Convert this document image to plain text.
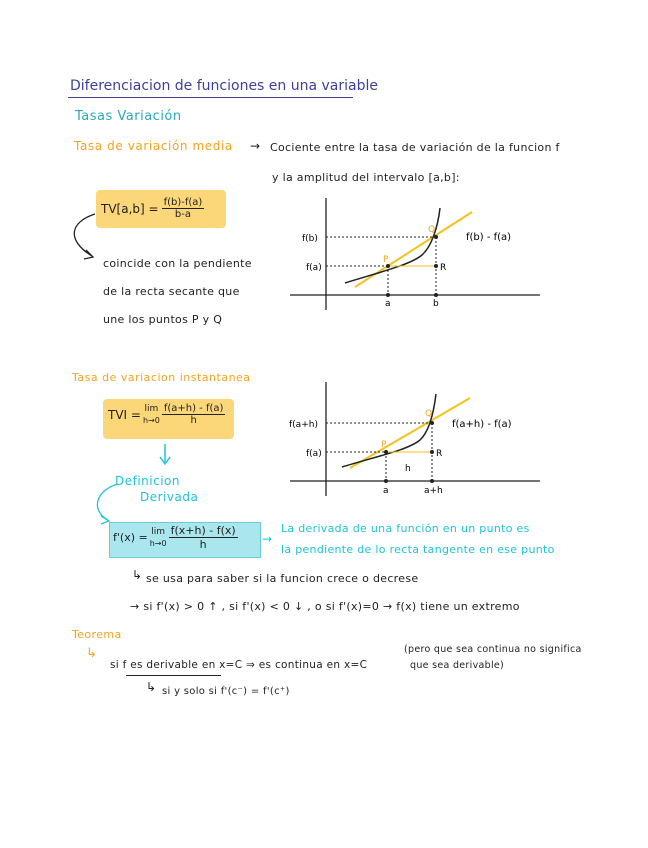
Diferenciacion de funciones en una variable
Tasas Variación
Tasa de variación media → Cociente entre la tasa de variación de la funcion f
y la amplitud del intervalo [a,b]:
$TV[a,b] = \frac{f(b)-f(a)}{b-a}$
coincide con la pendiente
de la recta secante que
une los puntos P y Q
Tasa de variacion instantanea
TVI = lim
$h\to 0 \frac{f(a+h) - f(a)}{h}$
Definicion
Derivada
f'(x) = lim
$h\to 0 \frac{f(x+h) - f(x)}{h}$ →
La derivada de una función en un punto es
la pendiente de lo recta tangente en ese punto
↳ se usa para saber si la funcion crece o decrese
→ si f'(x) > 0 ↑ , si f'(x) < 0 ↓ , o si f'(x)=0 → f(x) tiene un extremo
Teorema
↳
si f es derivable en x=C ⇒ es continua en x=C
(pero que sea continua no significa
que sea derivable)
↳ si y solo si f'(c⁻) = f'(c⁺)
f(b)
f(a)
a	b
P
Q
R
f(b) - f(a)
f(a+h)
f(a)
a	a+h
P
Q
R
h
f(a+h) - f(a)
